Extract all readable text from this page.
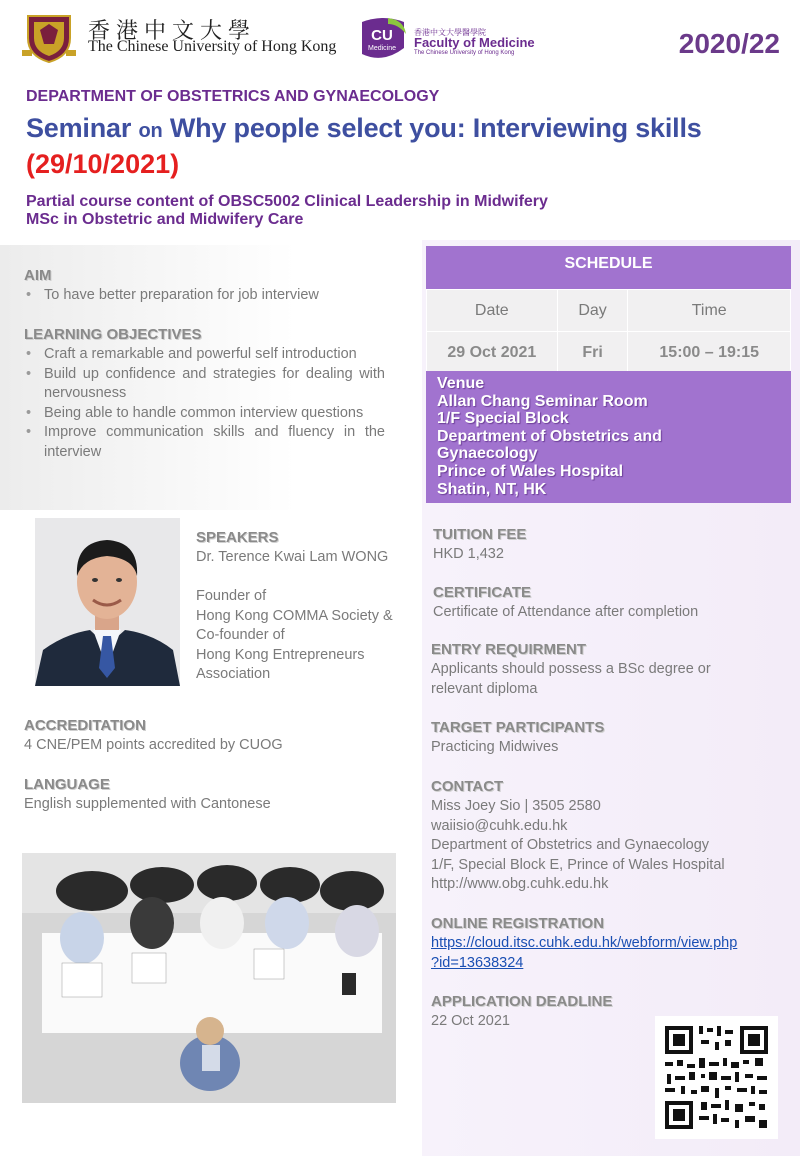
香港中文大學
The Chinese University of Hong Kong
CU
Medicine
香港中文大學醫學院
Faculty of Medicine
The Chinese University of Hong Kong	2020/22
DEPARTMENT OF OBSTETRICS AND GYNAECOLOGY
Seminar on Why people select you: Interviewing skills
(29/10/2021)
Partial course content of OBSC5002 Clinical Leadership in Midwifery
MSc in Obstetric and Midwifery Care
AIM
• To have better preparation for job interview
LEARNING OBJECTIVES
• Craft a remarkable and powerful self introduction
• Build up confidence and strategies for dealing with nervousness
• Being able to handle common interview questions
• Improve communication skills and fluency in the interview
SPEAKERS
Dr. Terence Kwai Lam WONG
Founder of
Hong Kong COMMA Society &
Co-founder of
Hong Kong Entrepreneurs
Association
ACCREDITATION
4 CNE/PEM points accredited by CUOG
LANGUAGE
English supplemented with Cantonese
SCHEDULE
Date	Day	Time
29 Oct 2021	Fri	15:00 – 19:15
Venue
Allan Chang Seminar Room
1/F Special Block
Department of Obstetrics and
Gynaecology
Prince of Wales Hospital
Shatin, NT, HK
TUITION FEE
HKD 1,432
CERTIFICATE
Certificate of Attendance after completion
ENTRY REQUIRMENT
Applicants should possess a BSc degree or
relevant diploma
TARGET PARTICIPANTS
Practicing Midwives
CONTACT
Miss Joey Sio | 3505 2580
waiisio@cuhk.edu.hk
Department of Obstetrics and Gynaecology
1/F, Special Block E, Prince of Wales Hospital
http://www.obg.cuhk.edu.hk
ONLINE REGISTRATION
https://cloud.itsc.cuhk.edu.hk/webform/view.php
?id=13638324
APPLICATION DEADLINE
22 Oct 2021
